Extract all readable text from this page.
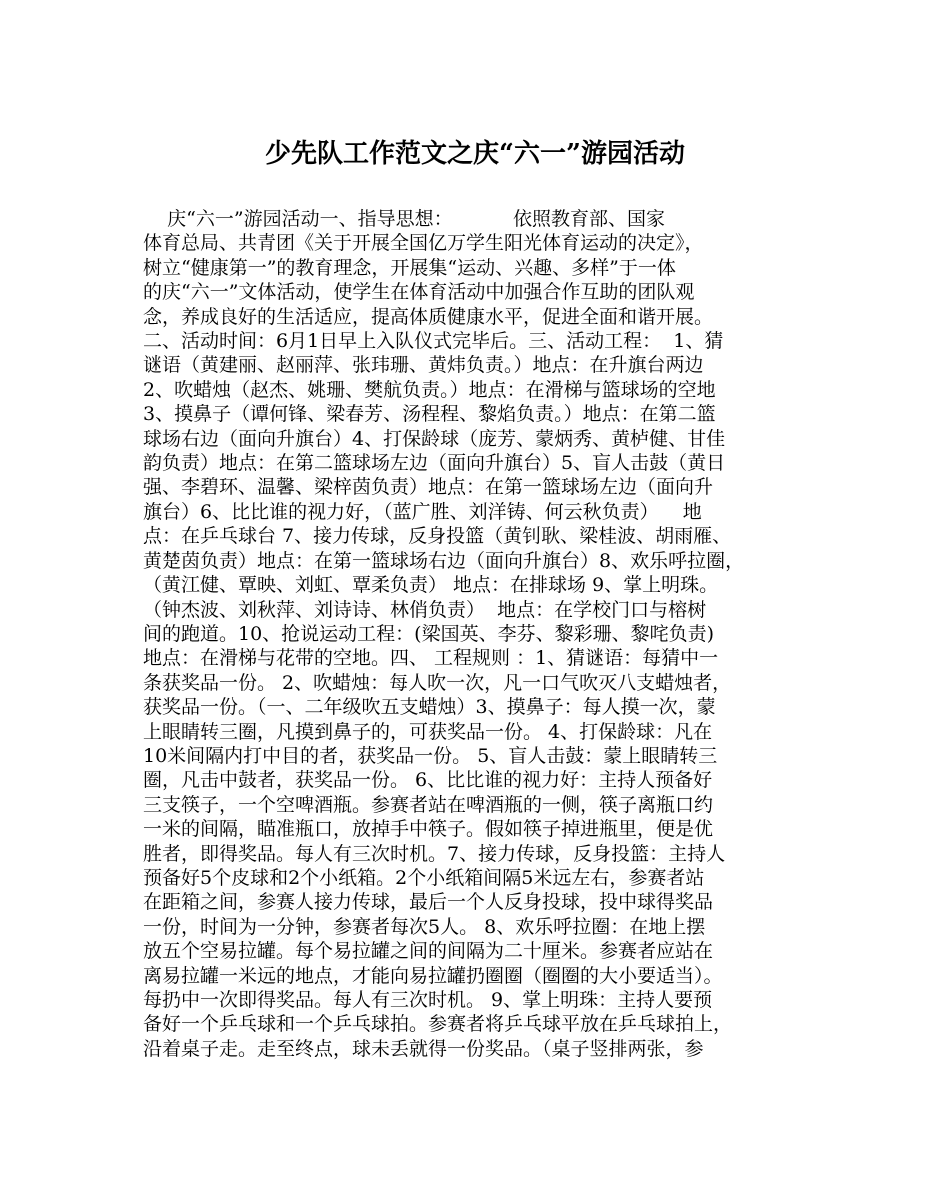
少先队工作范文之庆“六一”游园活动
庆“六一”游园活动一、指导思想：          依照教育部、国家
体育总局、共青团《关于开展全国亿万学生阳光体育运动的决定》，
树立“健康第一”的教育理念，开展集“运动、兴趣、多样”于一体
的庆“六一”文体活动，使学生在体育活动中加强合作互助的团队观
念，养成良好的生活适应，提高体质健康水平，促进全面和谐开展。
二、活动时间：6月1日早上入队仪式完毕后。三、活动工程：  1、猜
谜语（黄建丽、赵丽萍、张玮珊、黄炜负责。）地点：在升旗台两边
2、吹蜡烛（赵杰、姚珊、樊航负责。）地点：在滑梯与篮球场的空地
3、摸鼻子（谭何锋、梁春芳、汤程程、黎焰负责。）地点：在第二篮
球场右边（面向升旗台）4、打保龄球（庞芳、蒙炳秀、黄栌健、甘佳
韵负责）地点：在第二篮球场左边（面向升旗台）5、盲人击鼓（黄日
强、李碧环、温馨、梁梓茵负责）地点：在第一篮球场左边（面向升
旗台）6、比比谁的视力好，（蓝广胜、刘洋铸、何云秋负责）    地
点：在乒乓球台 7、接力传球，反身投篮（黄钊耿、梁桂波、胡雨雁、
黄楚茵负责）地点：在第一篮球场右边（面向升旗台）8、欢乐呼拉圈，
（黄江健、覃映、刘虹、覃柔负责） 地点：在排球场 9、掌上明珠。
（钟杰波、刘秋萍、刘诗诗、林俏负责）  地点：在学校门口与榕树
间的跑道。10、抢说运动工程：(梁国英、李芬、黎彩珊、黎咤负责)
地点：在滑梯与花带的空地。四、 工程规则 ：1、猜谜语：每猜中一
条获奖品一份。 2、吹蜡烛：每人吹一次，凡一口气吹灭八支蜡烛者，
获奖品一份。（一、二年级吹五支蜡烛）3、摸鼻子：每人摸一次，蒙
上眼睛转三圈，凡摸到鼻子的，可获奖品一份。 4、打保龄球：凡在
10米间隔内打中目的者，获奖品一份。 5、盲人击鼓：蒙上眼睛转三
圈，凡击中鼓者，获奖品一份。 6、比比谁的视力好：主持人预备好
三支筷子，一个空啤酒瓶。参赛者站在啤酒瓶的一侧，筷子离瓶口约
一米的间隔，瞄准瓶口，放掉手中筷子。假如筷子掉进瓶里，便是优
胜者，即得奖品。每人有三次时机。7、接力传球，反身投篮：主持人
预备好5个皮球和2个小纸箱。2个小纸箱间隔5米远左右，参赛者站
在距箱之间，参赛人接力传球，最后一个人反身投球，投中球得奖品
一份，时间为一分钟，参赛者每次5人。 8、欢乐呼拉圈：在地上摆
放五个空易拉罐。每个易拉罐之间的间隔为二十厘米。参赛者应站在
离易拉罐一米远的地点，才能向易拉罐扔圈圈（圈圈的大小要适当）。
每扔中一次即得奖品。每人有三次时机。 9、掌上明珠：主持人要预
备好一个乒乓球和一个乒乓球拍。参赛者将乒乓球平放在乒乓球拍上，
沿着桌子走。走至终点，球未丢就得一份奖品。（桌子竖排两张，参
